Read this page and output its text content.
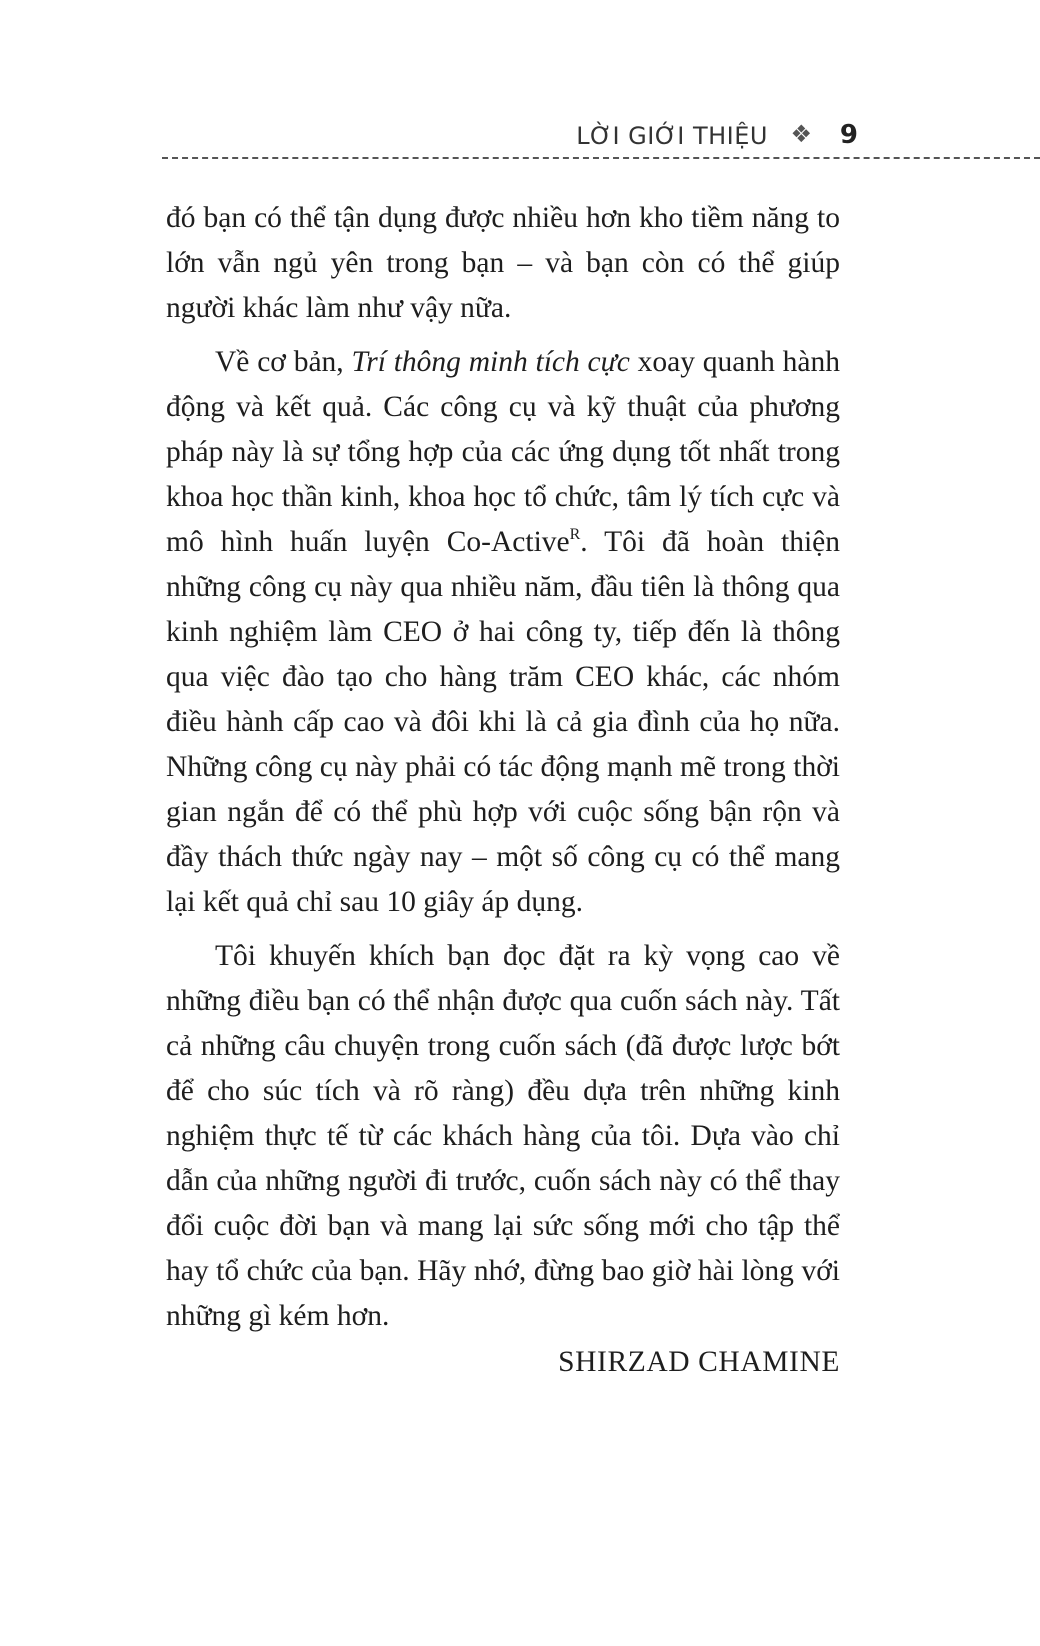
LỜI GIỚI THIỆU ❖ 9

đó bạn có thể tận dụng được nhiều hơn kho tiềm năng to lớn vẫn ngủ yên trong bạn – và bạn còn có thể giúp người khác làm như vậy nữa.

Về cơ bản, Trí thông minh tích cực xoay quanh hành động và kết quả. Các công cụ và kỹ thuật của phương pháp này là sự tổng hợp của các ứng dụng tốt nhất trong khoa học thần kinh, khoa học tổ chức, tâm lý tích cực và mô hình huấn luyện Co-Active$^R$. Tôi đã hoàn thiện những công cụ này qua nhiều năm, đầu tiên là thông qua kinh nghiệm làm CEO ở hai công ty, tiếp đến là thông qua việc đào tạo cho hàng trăm CEO khác, các nhóm điều hành cấp cao và đôi khi là cả gia đình của họ nữa. Những công cụ này phải có tác động mạnh mẽ trong thời gian ngắn để có thể phù hợp với cuộc sống bận rộn và đầy thách thức ngày nay – một số công cụ có thể mang lại kết quả chỉ sau 10 giây áp dụng.

Tôi khuyến khích bạn đọc đặt ra kỳ vọng cao về những điều bạn có thể nhận được qua cuốn sách này. Tất cả những câu chuyện trong cuốn sách (đã được lược bớt để cho súc tích và rõ ràng) đều dựa trên những kinh nghiệm thực tế từ các khách hàng của tôi. Dựa vào chỉ dẫn của những người đi trước, cuốn sách này có thể thay đổi cuộc đời bạn và mang lại sức sống mới cho tập thể hay tổ chức của bạn. Hãy nhớ, đừng bao giờ hài lòng với những gì kém hơn.

SHIRZAD CHAMINE
